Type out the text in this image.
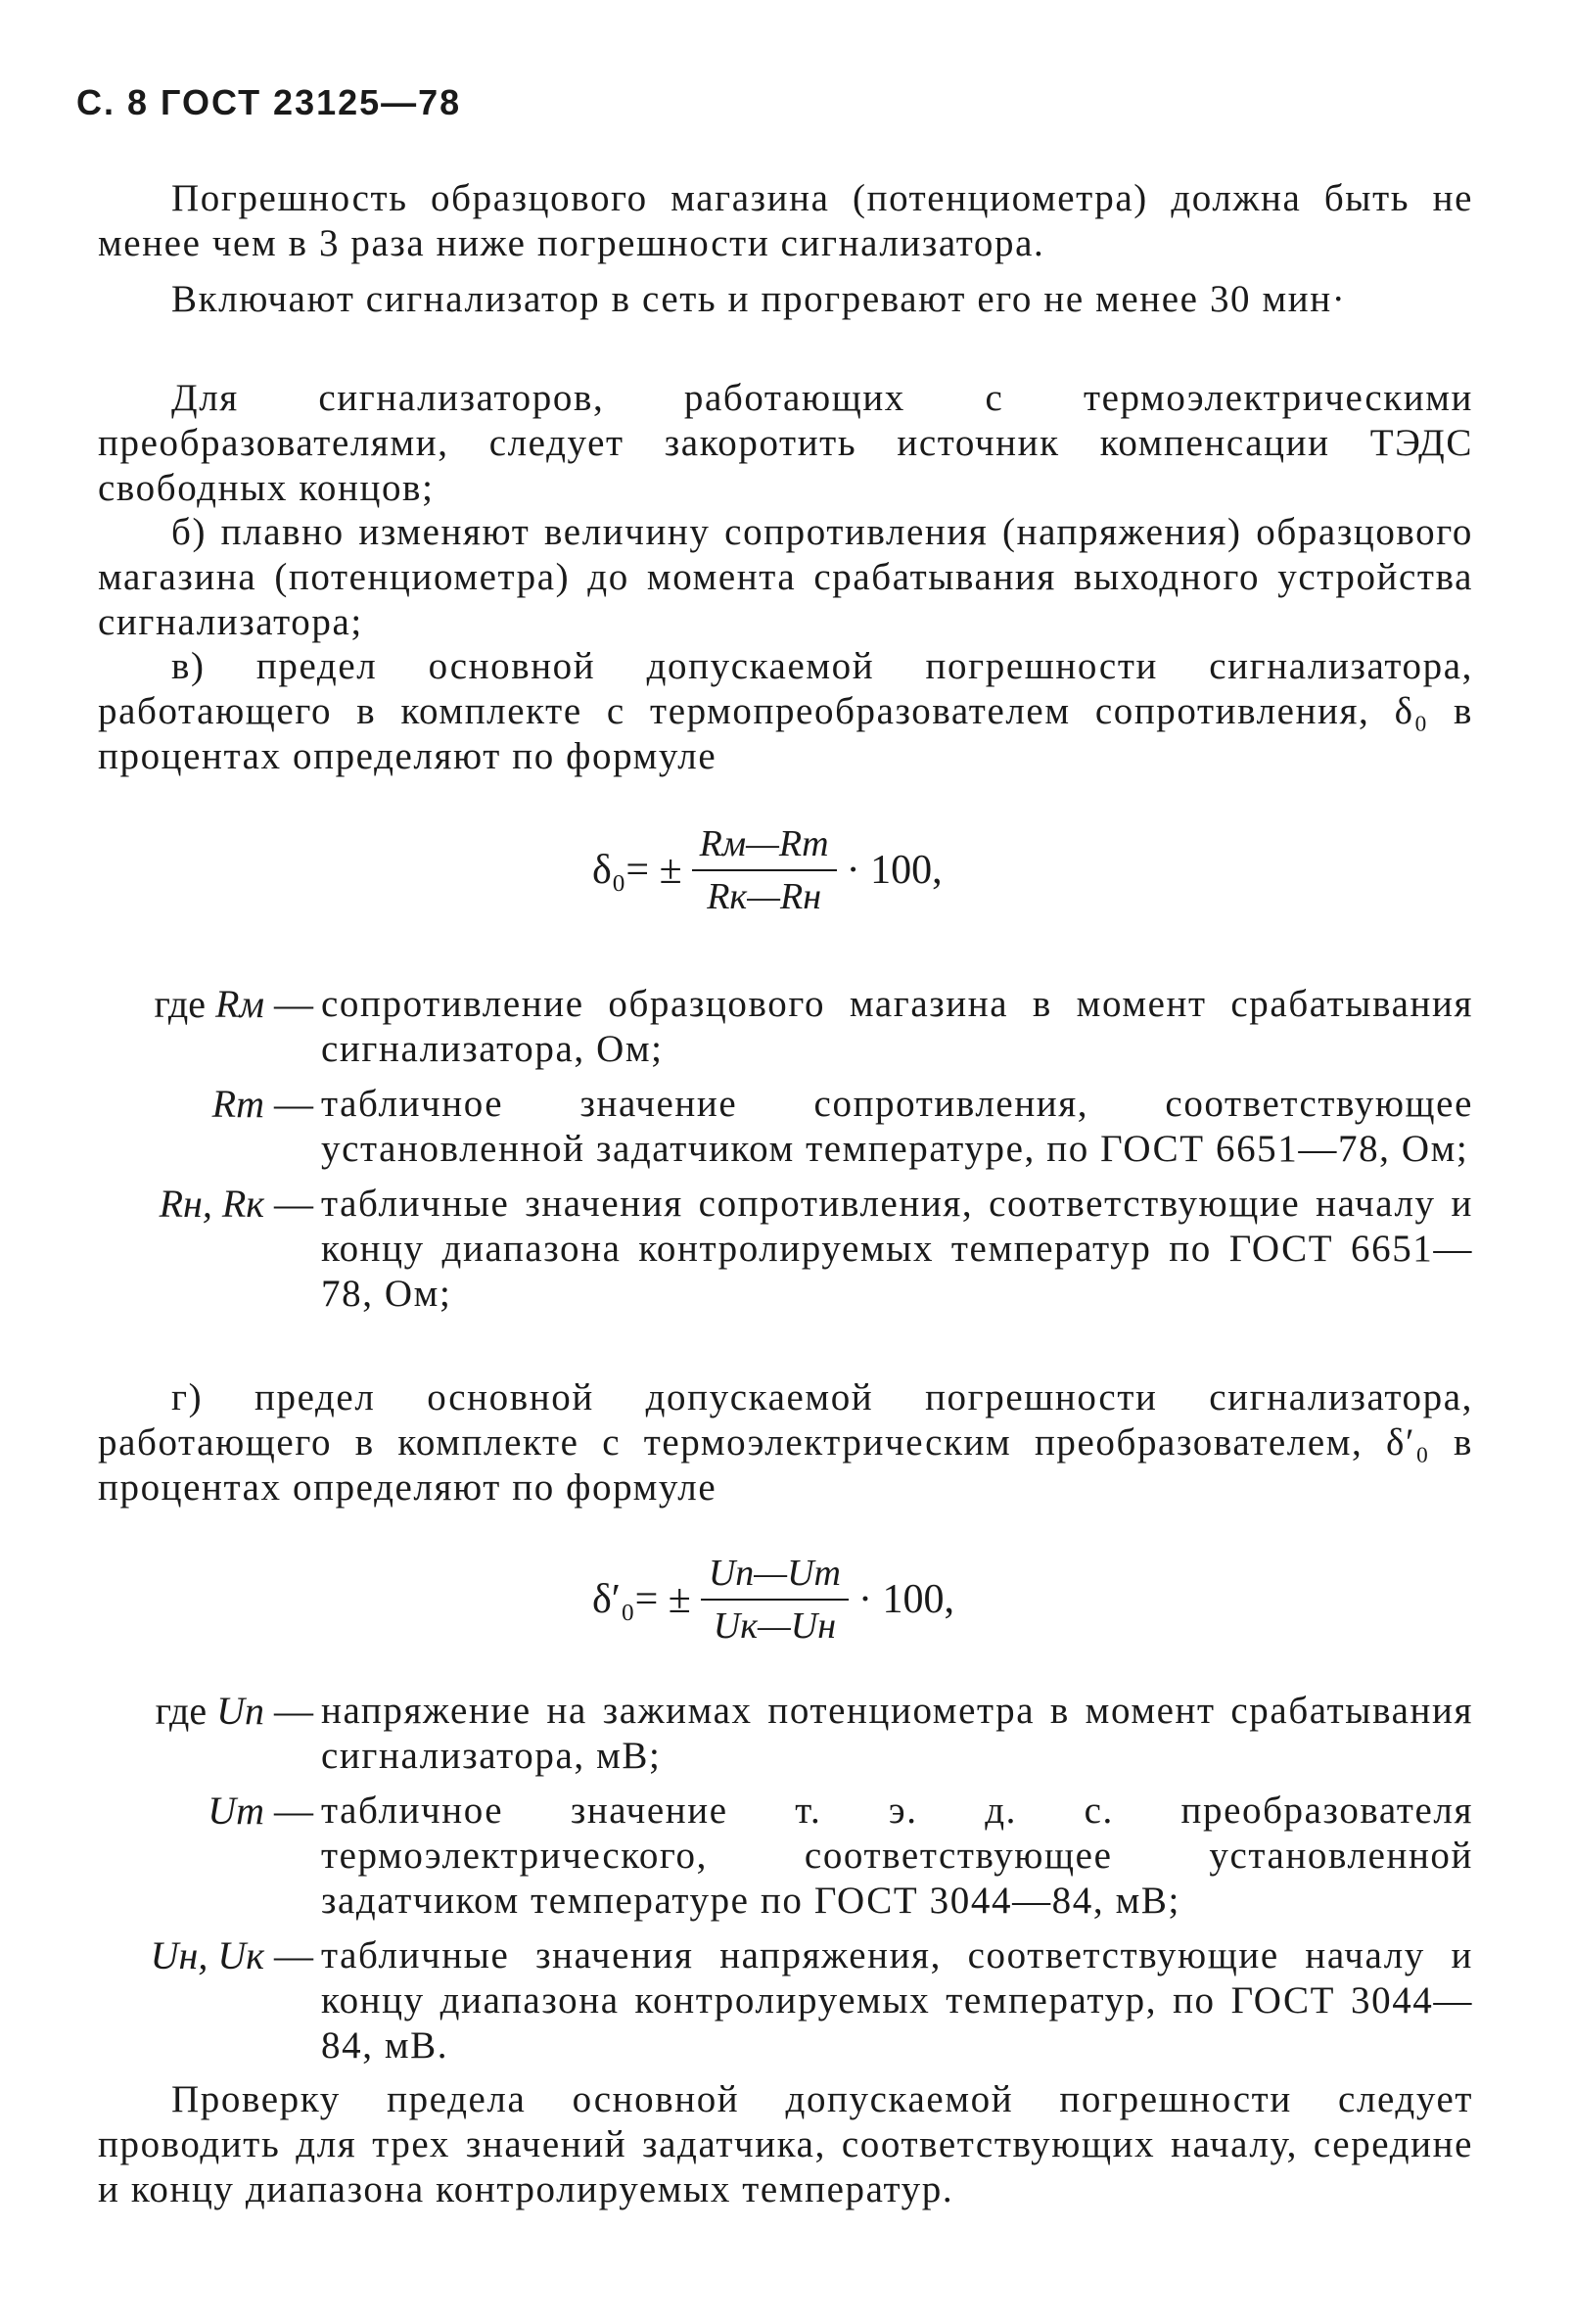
С. 8 ГОСТ 23125—78

Погрешность образцового магазина (потенциометра) должна быть не менее чем в 3 раза ниже погрешности сигнализатора.

Включают сигнализатор в сеть и прогревают его не менее 30 мин·

Для сигнализаторов, работающих с термоэлектрическими преобразователями, следует закоротить источник компенсации ТЭДС свободных концов;

б) плавно изменяют величину сопротивления (напряжения) образцового магазина (потенциометра) до момента срабатывания выходного устройства сигнализатора;

в) предел основной допускаемой погрешности сигнализатора, работающего в комплекте с термопреобразователем сопротивления, δ₀ в процентах определяют по формуле

$\delta_0= \pm \frac{Rм—Rт}{Rк—Rн} \cdot 100$,
где Rм — сопротивление образцового магазина в момент срабатывания сигнализатора, Ом;
Rт — табличное значение сопротивления, соответствующее установленной задатчиком температуре, по ГОСТ 6651—78, Ом;
Rн, Rк — табличные значения сопротивления, соответствующие началу и концу диапазона контролируемых температур по ГОСТ 6651—78, Ом;

г) предел основной допускаемой погрешности сигнализатора, работающего в комплекте с термоэлектрическим преобразователем, δ′₀ в процентах определяют по формуле

$\delta'_0= \pm \frac{Uп—Uт}{Uк—Uн} \cdot 100$,
где Uп — напряжение на зажимах потенциометра в момент срабатывания сигнализатора, мВ;
Uт — табличное значение т. э. д. с. преобразователя термоэлектрического, соответствующее установленной задатчиком температуре по ГОСТ 3044—84, мВ;
Uн, Uк — табличные значения напряжения, соответствующие началу и концу диапазона контролируемых температур, по ГОСТ 3044—84, мВ.

Проверку предела основной допускаемой погрешности следует проводить для трех значений задатчика, соответствующих началу, середине и концу диапазона контролируемых температур.
